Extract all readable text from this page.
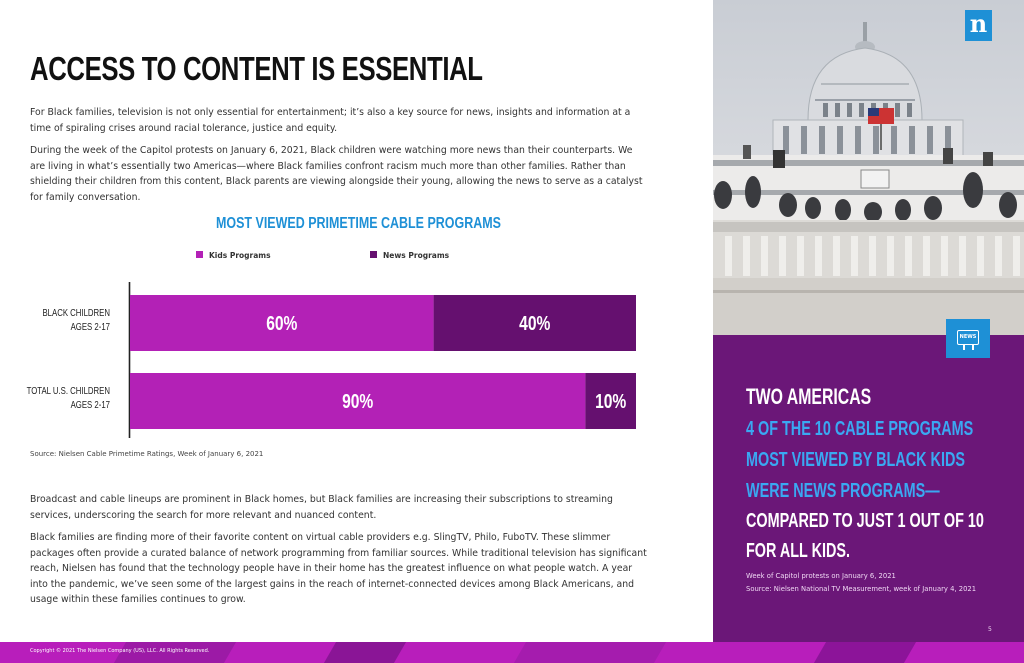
ACCESS TO CONTENT IS ESSENTIAL

For Black families, television is not only essential for entertainment; it’s also a key source for news, insights and information at a time of spiraling crises around racial tolerance, justice and equity.

During the week of the Capitol protests on January 6, 2021, Black children were watching more news than their counterparts. We are living in what’s essentially two Americas—where Black families confront racism much more than other families. Rather than shielding their children from this content, Black parents are viewing alongside their young, allowing the news to serve as a catalyst for family conversation.

MOST VIEWED PRIMETIME CABLE PROGRAMS
Kids Programs	News Programs
BLACK CHILDREN
AGES 2-17	60%	40%
TOTAL U.S. CHILDREN
AGES 2-17	90%	10%
Source: Nielsen Cable Primetime Ratings, Week of January 6, 2021

Broadcast and cable lineups are prominent in Black homes, but Black families are increasing their subscriptions to streaming services, underscoring the search for more relevant and nuanced content.

Black families are finding more of their favorite content on virtual cable providers e.g. SlingTV, Philo, FuboTV. These slimmer packages often provide a curated balance of network programming from familiar sources. While traditional television has significant reach, Nielsen has found that the technology people have in their home has the greatest influence on what people watch. A year into the pandemic, we’ve seen some of the largest gains in the reach of internet-connected devices among Black Americans, and usage within these families continues to grow.

n
NEWS
TWO AMERICAS
4 OF THE 10 CABLE PROGRAMS
MOST VIEWED BY BLACK KIDS
WERE NEWS PROGRAMS—
COMPARED TO JUST 1 OUT OF 10
FOR ALL KIDS.
Week of Capitol protests on January 6, 2021
Source: Nielsen National TV Measurement, week of January 4, 2021
5
Copyright © 2021 The Nielsen Company (US), LLC. All Rights Reserved.
